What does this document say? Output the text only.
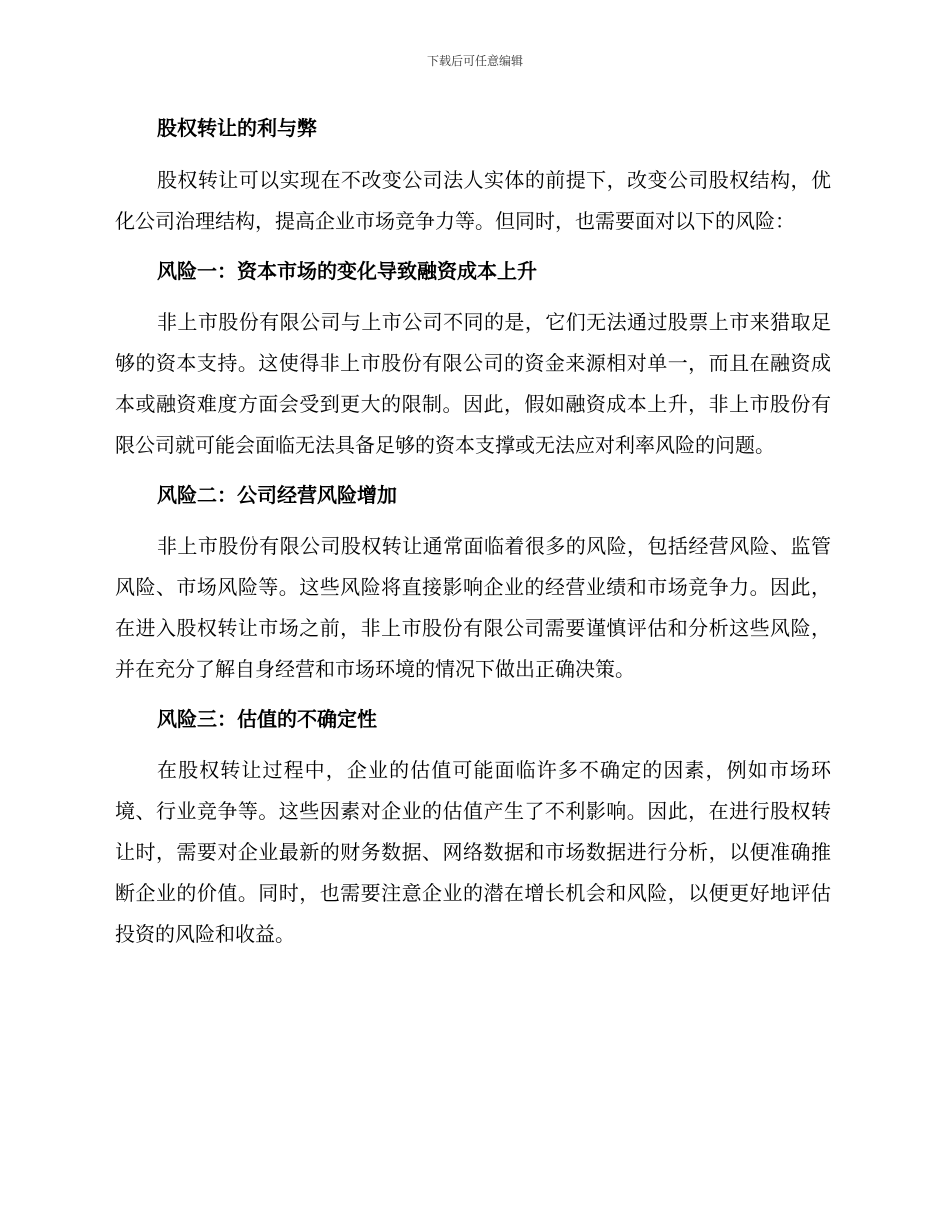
下载后可任意编辑

股权转让的利与弊

股权转让可以实现在不改变公司法人实体的前提下，改变公司股权结构，优化公司治理结构，提高企业市场竞争力等。但同时，也需要面对以下的风险：

风险一：资本市场的变化导致融资成本上升

非上市股份有限公司与上市公司不同的是，它们无法通过股票上市来猎取足够的资本支持。这使得非上市股份有限公司的资金来源相对单一，而且在融资成本或融资难度方面会受到更大的限制。因此，假如融资成本上升，非上市股份有限公司就可能会面临无法具备足够的资本支撑或无法应对利率风险的问题。

风险二：公司经营风险增加

非上市股份有限公司股权转让通常面临着很多的风险，包括经营风险、监管风险、市场风险等。这些风险将直接影响企业的经营业绩和市场竞争力。因此，在进入股权转让市场之前，非上市股份有限公司需要谨慎评估和分析这些风险，并在充分了解自身经营和市场环境的情况下做出正确决策。

风险三：估值的不确定性

在股权转让过程中，企业的估值可能面临许多不确定的因素，例如市场环境、行业竞争等。这些因素对企业的估值产生了不利影响。因此，在进行股权转让时，需要对企业最新的财务数据、网络数据和市场数据进行分析，以便准确推断企业的价值。同时，也需要注意企业的潜在增长机会和风险，以便更好地评估投资的风险和收益。
